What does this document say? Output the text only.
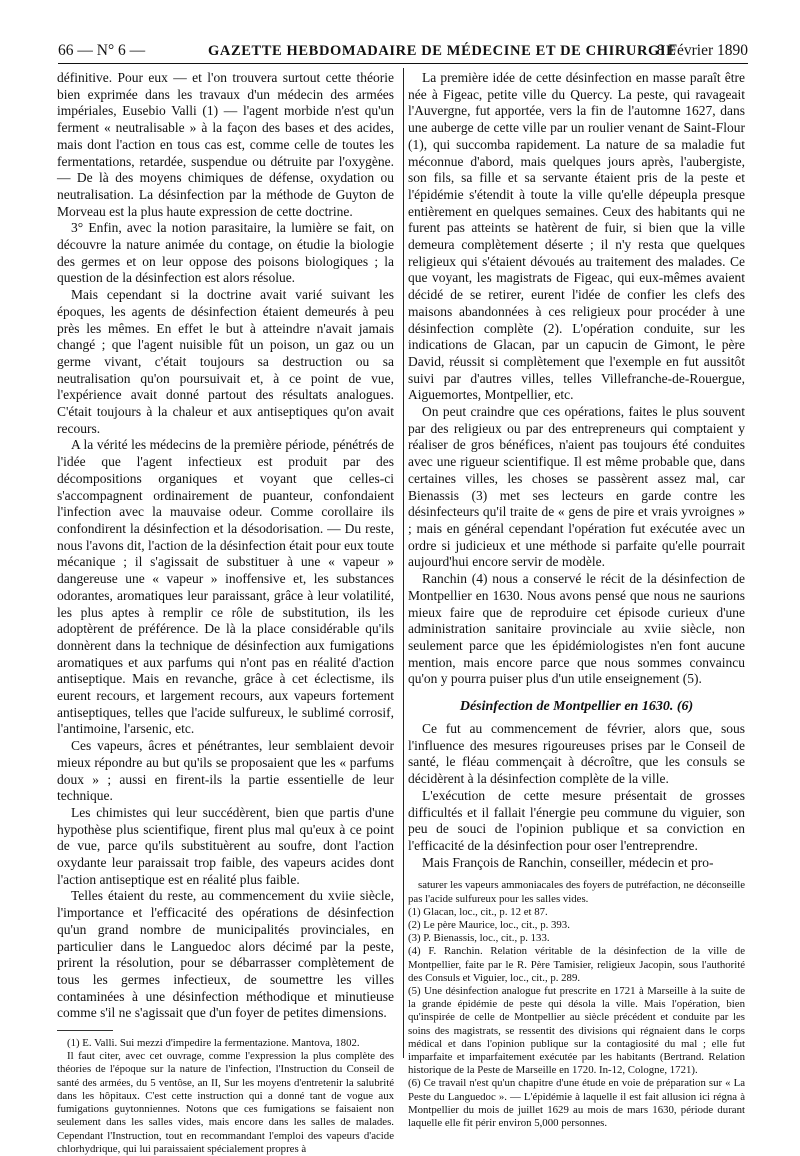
66 — N° 6 —	GAZETTE HEBDOMADAIRE DE MÉDECINE ET DE CHIRURGIE
8 Février 1890

définitive. Pour eux — et l'on trouvera surtout cette théorie bien exprimée dans les travaux d'un médecin des armées impériales, Eusebio Valli (1) — l'agent morbide n'est qu'un ferment « neutralisable » à la façon des bases et des acides, mais dont l'action en tous cas est, comme celle de toutes les fermentations, retardée, suspendue ou détruite par l'oxygène. — De là des moyens chimiques de défense, oxydation ou neutralisation. La désinfection par la méthode de Guyton de Morveau est la plus haute expression de cette doctrine.

3° Enfin, avec la notion parasitaire, la lumière se fait, on découvre la nature animée du contage, on étudie la biologie des germes et on leur oppose des poisons biologiques ; la question de la désinfection est alors résolue.

Mais cependant si la doctrine avait varié suivant les époques, les agents de désinfection étaient demeurés à peu près les mêmes. En effet le but à atteindre n'avait jamais changé ; que l'agent nuisible fût un poison, un gaz ou un germe vivant, c'était toujours sa destruction ou sa neutralisation qu'on poursuivait et, à ce point de vue, l'expérience avait donné partout des résultats analogues. C'était toujours à la chaleur et aux antiseptiques qu'on avait recours.

A la vérité les médecins de la première période, pénétrés de l'idée que l'agent infectieux est produit par des décompositions organiques et voyant que celles-ci s'accompagnent ordinairement de puanteur, confondaient l'infection avec la mauvaise odeur. Comme corollaire ils confondirent la désinfection et la désodorisation. — Du reste, nous l'avons dit, l'action de la désinfection était pour eux toute mécanique ; il s'agissait de substituer à une « vapeur » dangereuse une « vapeur » inoffensive et, les substances odorantes, aromatiques leur paraissant, grâce à leur volatilité, les plus aptes à remplir ce rôle de substitution, ils les adoptèrent de préférence. De là la place considérable qu'ils donnèrent dans la technique de désinfection aux fumigations aromatiques et aux parfums qui n'ont pas en réalité d'action antiseptique. Mais en revanche, grâce à cet éclectisme, ils eurent recours, et largement recours, aux vapeurs fortement antiseptiques, telles que l'acide sulfureux, le sublimé corrosif, l'antimoine, l'arsenic, etc.

Ces vapeurs, âcres et pénétrantes, leur semblaient devoir mieux répondre au but qu'ils se proposaient que les « parfums doux » ; aussi en firent-ils la partie essentielle de leur technique.

Les chimistes qui leur succédèrent, bien que partis d'une hypothèse plus scientifique, firent plus mal qu'eux à ce point de vue, parce qu'ils substituèrent au soufre, dont l'action oxydante leur paraissait trop faible, des vapeurs acides dont l'action antiseptique est en réalité plus faible.

Telles étaient du reste, au commencement du xviie siècle, l'importance et l'efficacité des opérations de désinfection qu'un grand nombre de municipalités provinciales, en particulier dans le Languedoc alors décimé par la peste, prirent la résolution, pour se débarrasser complètement de tous les germes infectieux, de soumettre les villes contaminées à une désinfection méthodique et minutieuse comme s'il ne s'agissait que d'un foyer de petites dimensions.

(1) E. Valli. Sui mezzi d'impedire la fermentazione. Mantova, 1802.
Il faut citer, avec cet ouvrage, comme l'expression la plus complète des théories de l'époque sur la nature de l'infection, l'Instruction du Conseil de santé des armées, du 5 ventôse, an II, Sur les moyens d'entretenir la salubrité dans les hôpitaux. C'est cette instruction qui a donné tant de vogue aux fumigations guytonniennes. Notons que ces fumigations se faisaient non seulement dans les salles vides, mais encore dans les salles de malades. Cependant l'Instruction, tout en recommandant l'emploi des vapeurs d'acide chlorhydrique, qui lui paraissaient spécialement propres à

La première idée de cette désinfection en masse paraît être née à Figeac, petite ville du Quercy. La peste, qui ravageait l'Auvergne, fut apportée, vers la fin de l'automne 1627, dans une auberge de cette ville par un roulier venant de Saint-Flour (1), qui succomba rapidement. La nature de sa maladie fut méconnue d'abord, mais quelques jours après, l'aubergiste, son fils, sa fille et sa servante étaient pris de la peste et l'épidémie s'étendit à toute la ville qu'elle dépeupla presque entièrement en quelques semaines. Ceux des habitants qui ne furent pas atteints se hatèrent de fuir, si bien que la ville demeura complètement déserte ; il n'y resta que quelques religieux qui s'étaient dévoués au traitement des malades. Ce que voyant, les magistrats de Figeac, qui eux-mêmes avaient décidé de se retirer, eurent l'idée de confier les clefs des maisons abandonnées à ces religieux pour procéder à une désinfection complète (2). L'opération conduite, sur les indications de Glacan, par un capucin de Gimont, le père David, réussit si complètement que l'exemple en fut aussitôt suivi par d'autres villes, telles Villefranche-de-Rouergue, Aiguemortes, Montpellier, etc.

On peut craindre que ces opérations, faites le plus souvent par des religieux ou par des entrepreneurs qui comptaient y réaliser de gros bénéfices, n'aient pas toujours été conduites avec une rigueur scientifique. Il est même probable que, dans certaines villes, les choses se passèrent assez mal, car Bienassis (3) met ses lecteurs en garde contre les désinfecteurs qu'il traite de « gens de pire et vrais yvroignes » ; mais en général cependant l'opération fut exécutée avec un ordre si judicieux et une méthode si parfaite qu'elle pourrait aujourd'hui encore servir de modèle.

Ranchin (4) nous a conservé le récit de la désinfection de Montpellier en 1630. Nous avons pensé que nous ne saurions mieux faire que de reproduire cet épisode curieux d'une administration sanitaire provinciale au xviie siècle, non seulement parce que les épidémiologistes n'en font aucune mention, mais encore parce que nous sommes convaincu qu'on y pourra puiser plus d'un utile enseignement (5).

Désinfection de Montpellier en 1630. (6)

Ce fut au commencement de février, alors que, sous l'influence des mesures rigoureuses prises par le Conseil de santé, le fléau commençait à décroître, que les consuls se décidèrent à la désinfection complète de la ville.

L'exécution de cette mesure présentait de grosses difficultés et il fallait l'énergie peu commune du viguier, son peu de souci de l'opinion publique et sa conviction en l'efficacité de la désinfection pour oser l'entreprendre.

Mais François de Ranchin, conseiller, médecin et pro-

saturer les vapeurs ammoniacales des foyers de putréfaction, ne déconseille pas l'acide sulfureux pour les salles vides.
(1) Glacan, loc., cit., p. 12 et 87.
(2) Le père Maurice, loc., cit., p. 393.
(3) P. Bienassis, loc., cit., p. 133.
(4) F. Ranchin. Relation véritable de la désinfection de la ville de Montpellier, faite par le R. Père Tamisier, religieux Jacopin, sous l'authorité des Consuls et Viguier, loc., cit., p. 289.
(5) Une désinfection analogue fut prescrite en 1721 à Marseille à la suite de la grande épidémie de peste qui désola la ville. Mais l'opération, bien qu'inspirée de celle de Montpellier au siècle précédent et conduite par les soins des magistrats, se ressentit des divisions qui régnaient dans le corps médical et dans l'opinion publique sur la contagiosité du mal ; elle fut imparfaite et imparfaitement exécutée par les habitants (Bertrand. Relation historique de la Peste de Marseille en 1720. In-12, Cologne, 1721).
(6) Ce travail n'est qu'un chapitre d'une étude en voie de préparation sur « La Peste du Languedoc ». — L'épidémie à laquelle il est fait allusion ici régna à Montpellier du mois de juillet 1629 au mois de mars 1630, période durant laquelle elle fit périr environ 5,000 personnes.
